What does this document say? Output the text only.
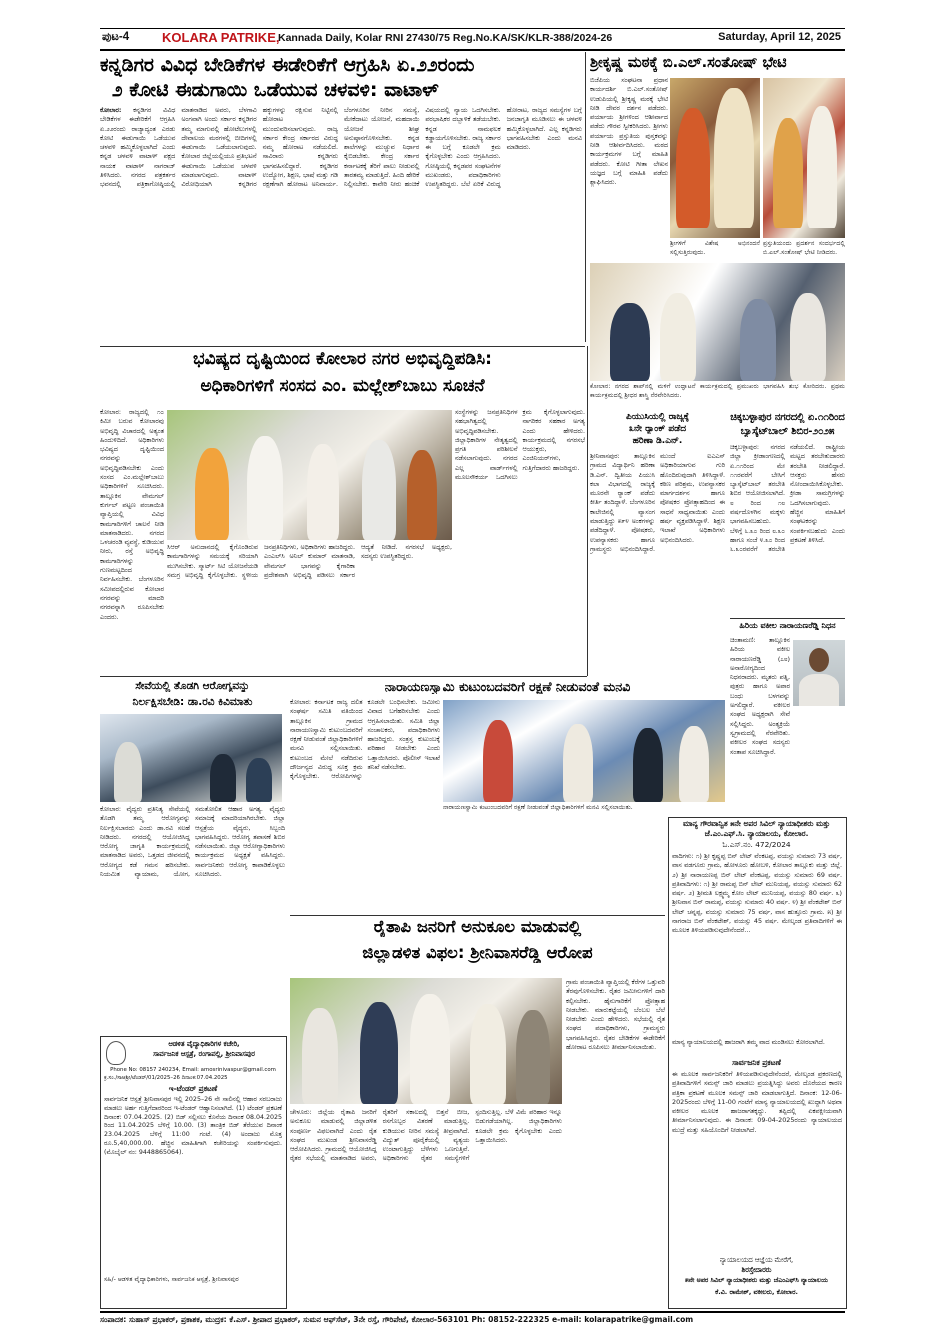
ಪುಟ-4	KOLARA PATRIKE,
Kannada Daily, Kolar RNI 27430/75 Reg.No.KA/SK/KLR-388/2024-26	Saturday, April 12, 2025
ಕನ್ನಡಿಗರ ವಿವಿಧ ಬೇಡಿಕೆಗಳ ಈಡೇರಿಕೆಗೆ ಆಗ್ರಹಿಸಿ ಏ.೨೨ರಂದು
೨ ಕೋಟಿ ಈಡುಗಾಯಿ ಒಡೆಯುವ ಚಳವಳಿ: ವಾಟಾಳ್
ಕೋಲಾರ: ಕನ್ನಡಿಗರ ವಿವಿಧ ಬೇಡಿಕೆಗಳ ಈಡೇರಿಕೆಗೆ ಆಗ್ರಹಿಸಿ ಏ.೨೨ರಂದು ರಾಜ್ಯಾದ್ಯಂತ ಎರಡು ಕೋಟಿ ಈಡುಗಾಯಿ ಒಡೆಯುವ ಚಳವಳಿ ಹಮ್ಮಿಕೊಳ್ಳಲಾಗಿದೆ ಎಂದು ಕನ್ನಡ ಚಳವಳಿ ವಾಟಾಳ್ ಪಕ್ಷದ ನಾಯಕ ವಾಟಾಳ್ ನಾಗರಾಜ್ ತಿಳಿಸಿದರು. ನಗರದ ಪತ್ರಕರ್ತರ ಭವನದಲ್ಲಿ ಪತ್ರಿಕಾಗೋಷ್ಠಿಯಲ್ಲಿ ಮಾತನಾಡಿದ ಅವರು, ಬೆಳಗಾವಿ ಅಂಗವಾಗಿ ಅಂದು ಸರ್ಕಾರ ಕನ್ನಡಿಗರ ತಮ್ಮ ಮಾಗುವಲ್ಲಿ ಹೋಟೆಲುಗಳಲ್ಲಿ ದೇವಾಲಯ ಮಠಗಳಲ್ಲಿ ಬೀದಿಗಳಲ್ಲಿ ಈಡುಗಾಯಿ ಒಡೆಯಲಾಗುವುದು. ಕೋಲಾರ ಜಿಲ್ಲೆಯಲ್ಲಿಯೂ ಪ್ರತಿಭಟನೆ ಈಡುಗಾಯಿ ಒಡೆಯುವ ಚಳವಳಿ ಮಾಡಲಾಗುವುದು. ವಾಟಾಳ್ ವಿರೋಧಿಯಾಗಿ ಕನ್ನಡಿಗರ ಹಕ್ಕುಗಳನ್ನು ರಕ್ಷಿಸುವ ನಿಟ್ಟಿನಲ್ಲಿ ಹೋರಾಟ ಮುಂದುವರಿಸಲಾಗುವುದು. ರಾಜ್ಯ ಸರ್ಕಾರ ಕೇಂದ್ರ ಸರ್ಕಾರದ ವಿರುದ್ಧ ನಮ್ಮ ಹೋರಾಟ ನಡೆಯಲಿದೆ. ಸಾವಿರಾರು ಕನ್ನಡಿಗರು ಭಾಗವಹಿಸಲಿದ್ದಾರೆ. ಕನ್ನಡಿಗರ ಉದ್ಯೋಗ, ಶಿಕ್ಷಣ, ಭಾಷೆ ಮತ್ತು ಗಡಿ ರಕ್ಷಣೆಗಾಗಿ ಹೋರಾಟ ಅನಿವಾರ್ಯ. ಬೆಂಗಳೂರಿನ ನೀರಿನ ಸಮಸ್ಯೆ, ಮೇಕೆದಾಟು ಯೋಜನೆ, ಮಹದಾಯಿ ಯೋಜನೆ ಶೀಘ್ರ ಅನುಷ್ಠಾನಗೊಳಿಸಬೇಕು. ಕನ್ನಡ ಶಾಲೆಗಳನ್ನು ಮುಚ್ಚುವ ನಿರ್ಧಾರ ಕೈಬಿಡಬೇಕು. ಕೇಂದ್ರ ಸರ್ಕಾರ ಕರ್ನಾಟಕಕ್ಕೆ ತೆರಿಗೆ ಪಾಲು ನೀಡುವಲ್ಲಿ ತಾರತಮ್ಯ ಮಾಡುತ್ತಿದೆ. ಹಿಂದಿ ಹೇರಿಕೆ ನಿಲ್ಲಿಸಬೇಕು. ಕಾವೇರಿ ನೀರು ಹಂಚಿಕೆ ವಿಷಯದಲ್ಲಿ ನ್ಯಾಯ ಒದಗಿಸಬೇಕು. ಪರಭಾಷಿಕರ ದಬ್ಬಾಳಿಕೆ ತಡೆಯಬೇಕು. ಕನ್ನಡ ನಾಮಫಲಕ ಕಡ್ಡಾಯಗೊಳಿಸಬೇಕು. ರಾಜ್ಯ ಸರ್ಕಾರ ಈ ಬಗ್ಗೆ ಕೂಡಲೇ ಕ್ರಮ ಕೈಗೊಳ್ಳಬೇಕು ಎಂದು ಆಗ್ರಹಿಸಿದರು. ಗೋಷ್ಠಿಯಲ್ಲಿ ಕನ್ನಡಪರ ಸಂಘಟನೆಗಳ ಮುಖಂಡರು, ಪದಾಧಿಕಾರಿಗಳು ಉಪಸ್ಥಿತರಿದ್ದರು. ಬೆಲೆ ಏರಿಕೆ ವಿರುದ್ಧ ಹೋರಾಟ, ರಾಜ್ಯದ ಸಮಸ್ಯೆಗಳ ಬಗ್ಗೆ ಜನಜಾಗೃತಿ ಮೂಡಿಸಲು ಈ ಚಳವಳಿ ಹಮ್ಮಿಕೊಳ್ಳಲಾಗಿದೆ. ಎಲ್ಲ ಕನ್ನಡಿಗರು ಭಾಗವಹಿಸಬೇಕು ಎಂದು ಮನವಿ ಮಾಡಿದರು.
ಶ್ರೀಕೃಷ್ಣ ಮಠಕ್ಕೆ ಬಿ.ಎಲ್.ಸಂತೋಷ್ ಭೇಟಿ
ಬಿಜೆಪಿಯ ಸಂಘಟನಾ ಪ್ರಧಾನ ಕಾರ್ಯದರ್ಶಿ ಬಿ.ಎಲ್.ಸಂತೋಷ್ ಉಡುಪಿಯಲ್ಲಿ ಶ್ರೀಕೃಷ್ಣ ಮಠಕ್ಕೆ ಭೇಟಿ ನೀಡಿ ದೇವರ ದರ್ಶನ ಪಡೆದರು. ಪರ್ಯಾಯ ಶ್ರೀಗಳಿಂದ ಆಶೀರ್ವಾದ ಪಡೆದು ಗೌರವ ಸ್ವೀಕರಿಸಿದರು. ಶ್ರೀಗಳು ಪರ್ಯಾಯ ಪ್ರಸ್ತುತಿಯ ಪುಸ್ತಕವನ್ನು ನೀಡಿ ಆಶೀರ್ವದಿಸಿದರು. ಮಠದ ಕಾರ್ಯಕ್ರಮಗಳ ಬಗ್ಗೆ ಮಾಹಿತಿ ಪಡೆದರು. ಕೋಟಿ ಗೀತಾ ಲೇಖನ ಯಜ್ಞದ ಬಗ್ಗೆ ಮಾಹಿತಿ ಪಡೆದು ಶ್ಲಾಘಿಸಿದರು.
ಶ್ರೀಗಳಿಗೆ ವಿಶೇಷ ಅಭಿನಂದನೆ ಸಲ್ಲಿಸುತ್ತಿರುವುದು.
ಪ್ರಸ್ತುತಿಯಂದು ಪ್ರದರ್ಶನ ಸಂದರ್ಭದಲ್ಲಿ ಬಿ.ಎಲ್.ಸಂತೋಷ್ ಭೇಟಿ ನೀಡಿದರು.
ಕೋಲಾರ: ನಗರದ ಶಾಪ್‌ನಲ್ಲಿ ಮಳಿಗೆ ಉದ್ಘಾಟನೆ ಕಾರ್ಯಕ್ರಮದಲ್ಲಿ ಪ್ರಮುಖರು ಭಾಗವಹಿಸಿ ಶುಭ ಕೋರಿದರು. ಪ್ರಥಮ ಕಾರ್ಯಕ್ರಮದಲ್ಲಿ ಶ್ರೀಧರ ಶಾಸ್ತ್ರಿ ನೆರವೇರಿಸಿದರು.
ಭವಿಷ್ಯದ ದೃಷ್ಟಿಯಿಂದ ಕೋಲಾರ ನಗರ ಅಭಿವೃದ್ಧಿಪಡಿಸಿ:
ಅಧಿಕಾರಿಗಳಿಗೆ ಸಂಸದ ಎಂ. ಮಲ್ಲೇಶ್‌ಬಾಬು ಸೂಚನೆ
ಕೋಲಾರ: ರಾಜ್ಯದಲ್ಲಿ ೧೦ ಕಿಮೀ ಬರುವ ಕೋಲಾರವು ಅಭಿವೃದ್ಧಿ ವಿಚಾರದಲ್ಲಿ ಅತ್ಯಂತ ಹಿಂದುಳಿದಿದೆ. ಅಧಿಕಾರಿಗಳು ಭವಿಷ್ಯದ ದೃಷ್ಟಿಯಿಂದ ನಗರವನ್ನು ಅಭಿವೃದ್ಧಿಪಡಿಸಬೇಕು ಎಂದು ಸಂಸದ ಎಂ.ಮಲ್ಲೇಶ್‌ಬಾಬು ಅಧಿಕಾರಿಗಳಿಗೆ ಸೂಚಿಸಿದರು. ತಾಲ್ಲೂಕಿನ ವೇಮಗಲ್ ಕುರ್ಗಲ್ ಪಟ್ಟಣ ಪಂಚಾಯಿತಿ ವ್ಯಾಪ್ತಿಯಲ್ಲಿ ವಿವಿಧ ಕಾಮಗಾರಿಗಳಿಗೆ ಚಾಲನೆ ನೀಡಿ ಮಾತನಾಡಿದರು. ನಗರದ ಒಳಚರಂಡಿ ವ್ಯವಸ್ಥೆ, ಕುಡಿಯುವ ನೀರು, ರಸ್ತೆ ಅಭಿವೃದ್ಧಿ ಕಾಮಗಾರಿಗಳನ್ನು ಗುಣಮಟ್ಟದಿಂದ ನಿರ್ವಹಿಸಬೇಕು. ಬೆಂಗಳೂರಿನ ಸಮೀಪದಲ್ಲಿರುವ ಕೋಲಾರ ನಗರವನ್ನು ಮಾದರಿ ನಗರವನ್ನಾಗಿ ರೂಪಿಸಬೇಕು ಎಂದರು.
ಸಿಆರ್ ಅನುದಾನದಲ್ಲಿ ಕೈಗೊಂಡಿರುವ ಕಾಮಗಾರಿಗಳನ್ನು ಸಮಯಕ್ಕೆ ಸರಿಯಾಗಿ ಮುಗಿಸಬೇಕು. ಸ್ಮಾರ್ಟ್ ಸಿಟಿ ಯೋಜನೆಯಡಿ ಸಮಗ್ರ ಅಭಿವೃದ್ಧಿ ಕೈಗೊಳ್ಳಬೇಕು. ಸ್ಥಳೀಯ ಜನಪ್ರತಿನಿಧಿಗಳು, ಅಧಿಕಾರಿಗಳು ಹಾಜರಿದ್ದರು. ಎಂಎಲ್‌ಸಿ ಅನಿಲ್ ಕುಮಾರ್ ಮಾತನಾಡಿ, ವೇಮಗಲ್ ಭಾಗವನ್ನು ಕೈಗಾರಿಕಾ ಪ್ರದೇಶವಾಗಿ ಅಭಿವೃದ್ಧಿ ಪಡಿಸಲು ಸರ್ಕಾರ ಆದ್ಯತೆ ನೀಡಿದೆ. ನಗರಸಭೆ ಅಧ್ಯಕ್ಷರು, ಸದಸ್ಯರು ಉಪಸ್ಥಿತರಿದ್ದರು.
ಸಂಸ್ಥೆಗಳನ್ನು ಜನಪ್ರತಿನಿಧಿಗಳ ಸಹಭಾಗಿತ್ವದಲ್ಲಿ ಅಭಿವೃದ್ಧಿಪಡಿಸಬೇಕು. ಜಿಲ್ಲಾಧಿಕಾರಿಗಳ ನೇತೃತ್ವದಲ್ಲಿ ಪ್ರಗತಿ ಪರಿಶೀಲನೆ ನಡೆಸಲಾಗುವುದು. ನಗರದ ಎಲ್ಲ ವಾರ್ಡ್‌ಗಳಲ್ಲಿ ಮೂಲಸೌಕರ್ಯ ಒದಗಿಸಲು ಕ್ರಮ ಕೈಗೊಳ್ಳಲಾಗುವುದು. ನಾಗರಿಕರ ಸಹಕಾರ ಅಗತ್ಯ ಎಂದು ಹೇಳಿದರು. ಕಾರ್ಯಕ್ರಮದಲ್ಲಿ ನಗರಸಭೆ ಆಯುಕ್ತರು, ಎಂಜಿನಿಯರ್‌ಗಳು, ಗುತ್ತಿಗೆದಾರರು ಹಾಜರಿದ್ದರು.
ಪಿಯುಸಿಯಲ್ಲಿ ರಾಜ್ಯಕ್ಕೆ
೩ನೇ ರ್‍ಯಾಂಕ್ ಪಡೆದ
ಹರಿಣಾ ಡಿ.ಎನ್.
ಶ್ರೀನಿವಾಸಪುರ: ತಾಲ್ಲೂಕಿನ ಗ್ರಾಮದ ವಿದ್ಯಾರ್ಥಿನಿ ಹರಿಣಾ ಡಿ.ಎನ್. ದ್ವಿತೀಯ ಪಿಯುಸಿ ಕಲಾ ವಿಭಾಗದಲ್ಲಿ ರಾಜ್ಯಕ್ಕೆ ಮೂರನೇ ರ್‍ಯಾಂಕ್ ಪಡೆದು ಕೀರ್ತಿ ತಂದಿದ್ದಾಳೆ. ಬೆಂಗಳೂರಿನ ಕಾಲೇಜಿನಲ್ಲಿ ವ್ಯಾಸಂಗ ಮಾಡುತ್ತಿದ್ದು ೫೯೪ ಅಂಕಗಳನ್ನು ಪಡೆದಿದ್ದಾಳೆ. ಪೋಷಕರು, ಉಪನ್ಯಾಸಕರು ಹಾಗೂ ಗ್ರಾಮಸ್ಥರು ಅಭಿನಂದಿಸಿದ್ದಾರೆ. ಮುಂದೆ ಐಎಎಸ್ ಅಧಿಕಾರಿಯಾಗುವ ಗುರಿ ಹೊಂದಿರುವುದಾಗಿ ತಿಳಿಸಿದ್ದಾಳೆ. ಕಠಿಣ ಪರಿಶ್ರಮ, ಉಪನ್ಯಾಸಕರ ಮಾರ್ಗದರ್ಶನ ಹಾಗೂ ಪೋಷಕರ ಪ್ರೋತ್ಸಾಹದಿಂದ ಈ ಸಾಧನೆ ಸಾಧ್ಯವಾಯಿತು ಎಂದು ಹರ್ಷ ವ್ಯಕ್ತಪಡಿಸಿದ್ದಾಳೆ. ಶಿಕ್ಷಣ ಇಲಾಖೆ ಅಧಿಕಾರಿಗಳು ಅಭಿನಂದಿಸಿದರು.
ಚಿಕ್ಕಬಳ್ಳಾಪುರ ನಗರದಲ್ಲಿ ಏ.೧೧ರಿಂದ
ಬ್ಯಾಸ್ಕೆಟ್‌ಬಾಲ್ ಶಿಬಿರ-೨೦೨೫
ಚಿಕ್ಕಬಳ್ಳಾಪುರ: ನಗರದ ಜಿಲ್ಲಾ ಕ್ರೀಡಾಂಗಣದಲ್ಲಿ ಏ.೧೧ರಿಂದ ಮೇ ೧೧ರವರೆಗೆ ಬೇಸಿಗೆ ಬ್ಯಾಸ್ಕೆಟ್‌ಬಾಲ್ ತರಬೇತಿ ಶಿಬಿರ ಆಯೋಜಿಸಲಾಗಿದೆ. ೮ ರಿಂದ ೧೮ ವರ್ಷದೊಳಗಿನ ಮಕ್ಕಳು ಭಾಗವಹಿಸಬಹುದು. ಬೆಳಿಗ್ಗೆ ೬.೩೦ ರಿಂದ ೮.೩೦ ಹಾಗೂ ಸಂಜೆ ೪.೩೦ ರಿಂದ ೬.೩೦ರವರೆಗೆ ತರಬೇತಿ ನಡೆಯಲಿದೆ. ರಾಷ್ಟ್ರೀಯ ಮಟ್ಟದ ತರಬೇತುದಾರರು ತರಬೇತಿ ನೀಡಲಿದ್ದಾರೆ. ಆಸಕ್ತರು ಹೆಸರು ನೋಂದಾಯಿಸಿಕೊಳ್ಳಬೇಕು. ಕ್ರೀಡಾ ಸಾಮಗ್ರಿಗಳನ್ನು ಒದಗಿಸಲಾಗುವುದು. ಹೆಚ್ಚಿನ ಮಾಹಿತಿಗೆ ಸಂಘಟಕರನ್ನು ಸಂಪರ್ಕಿಸಬಹುದು ಎಂದು ಪ್ರಕಟಣೆ ತಿಳಿಸಿದೆ.
ಹಿರಿಯ ವಕೀಲ ನಾರಾಯಣರೆಡ್ಡಿ ನಿಧನ
ಚಿಂತಾಮಣಿ: ತಾಲ್ಲೂಕಿನ ಹಿರಿಯ ವಕೀಲ ನಾರಾಯಣರೆಡ್ಡಿ (೭೮) ಅನಾರೋಗ್ಯದಿಂದ ನಿಧನರಾದರು. ಮೃತರು ಪತ್ನಿ, ಪುತ್ರರು ಹಾಗೂ ಅಪಾರ ಬಂಧು ಬಳಗವನ್ನು ಅಗಲಿದ್ದಾರೆ. ವಕೀಲರ ಸಂಘದ ಅಧ್ಯಕ್ಷರಾಗಿ ಸೇವೆ ಸಲ್ಲಿಸಿದ್ದರು. ಅಂತ್ಯಕ್ರಿಯೆ ಸ್ವಗ್ರಾಮದಲ್ಲಿ ನೆರವೇರಿತು. ವಕೀಲರ ಸಂಘದ ಸದಸ್ಯರು ಸಂತಾಪ ಸೂಚಿಸಿದ್ದಾರೆ.
ಸೇವೆಯಲ್ಲಿ ತೊಡಗಿ ಆರೋಗ್ಯವನ್ನು
ನಿರ್ಲಕ್ಷಿಸಬೇಡಿ: ಡಾ.ರವಿ ಕಿವಿಮಾತು
ಕೋಲಾರ: ವೈದ್ಯರು ಪ್ರತಿನಿತ್ಯ ಸೇವೆಯಲ್ಲಿ ತೊಡಗಿ ತಮ್ಮ ಆರೋಗ್ಯವನ್ನು ನಿರ್ಲಕ್ಷಿಸಬಾರದು ಎಂದು ಡಾ.ರವಿ ಸಲಹೆ ನೀಡಿದರು. ನಗರದಲ್ಲಿ ಆಯೋಜಿಸಿದ್ದ ಆರೋಗ್ಯ ಜಾಗೃತಿ ಕಾರ್ಯಕ್ರಮದಲ್ಲಿ ಮಾತನಾಡಿದ ಅವರು, ಒತ್ತಡದ ಜೀವನದಲ್ಲಿ ಆರೋಗ್ಯದ ಕಡೆ ಗಮನ ಹರಿಸಬೇಕು. ನಿಯಮಿತ ವ್ಯಾಯಾಮ, ಯೋಗ, ಸಮತೋಲಿತ ಆಹಾರ ಅಗತ್ಯ. ವೈದ್ಯರು ಸಮಾಜಕ್ಕೆ ಮಾದರಿಯಾಗಿರಬೇಕು. ಜಿಲ್ಲಾ ಆಸ್ಪತ್ರೆಯ ವೈದ್ಯರು, ಸಿಬ್ಬಂದಿ ಭಾಗವಹಿಸಿದ್ದರು. ಆರೋಗ್ಯ ತಪಾಸಣೆ ಶಿಬಿರ ನಡೆಸಲಾಯಿತು. ಜಿಲ್ಲಾ ಆರೋಗ್ಯಾಧಿಕಾರಿಗಳು ಕಾರ್ಯಕ್ರಮದ ಅಧ್ಯಕ್ಷತೆ ವಹಿಸಿದ್ದರು. ಸಾರ್ವಜನಿಕರು ಆರೋಗ್ಯ ಕಾಪಾಡಿಕೊಳ್ಳಲು ಸೂಚಿಸಿದರು.
ನಾರಾಯಣಸ್ವಾಮಿ ಕುಟುಂಬದವರಿಗೆ ರಕ್ಷಣೆ ನೀಡುವಂತೆ ಮನವಿ
ಕೋಲಾರ: ಕರ್ನಾಟಕ ರಾಜ್ಯ ದಲಿತ ಸಂಘರ್ಷ ಸಮಿತಿ ವತಿಯಿಂದ ತಾಲ್ಲೂಕಿನ ಗ್ರಾಮದ ನಾರಾಯಣಸ್ವಾಮಿ ಕುಟುಂಬದವರಿಗೆ ರಕ್ಷಣೆ ನೀಡುವಂತೆ ಜಿಲ್ಲಾಧಿಕಾರಿಗಳಿಗೆ ಮನವಿ ಸಲ್ಲಿಸಲಾಯಿತು. ಕುಟುಂಬದ ಮೇಲೆ ನಡೆದಿರುವ ದೌರ್ಜನ್ಯದ ವಿರುದ್ಧ ಸೂಕ್ತ ಕ್ರಮ ಕೈಗೊಳ್ಳಬೇಕು. ಆರೋಪಿಗಳನ್ನು ಕೂಡಲೇ ಬಂಧಿಸಬೇಕು. ಜಮೀನು ವಿವಾದ ಬಗೆಹರಿಸಬೇಕು ಎಂದು ಆಗ್ರಹಿಸಲಾಯಿತು. ಸಮಿತಿ ಜಿಲ್ಲಾ ಸಂಚಾಲಕರು, ಪದಾಧಿಕಾರಿಗಳು ಹಾಜರಿದ್ದರು. ಸಂತ್ರಸ್ತ ಕುಟುಂಬಕ್ಕೆ ಪರಿಹಾರ ನೀಡಬೇಕು ಎಂದು ಒತ್ತಾಯಿಸಿದರು. ಪೊಲೀಸ್ ಇಲಾಖೆ ತನಿಖೆ ನಡೆಸಬೇಕು.
ನಾರಾಯಣಸ್ವಾಮಿ ಕುಟುಂಬದವರಿಗೆ ರಕ್ಷಣೆ ನೀಡುವಂತೆ ಜಿಲ್ಲಾಧಿಕಾರಿಗಳಿಗೆ ಮನವಿ ಸಲ್ಲಿಸಲಾಯಿತು.
ಮಾನ್ಯ ಗೌರವಾನ್ವಿತ ೫ನೇ ಅಪರ ಸಿವಿಲ್ ನ್ಯಾಯಾಧೀಶರು ಮತ್ತು ಜೆ.ಎಂ.ಎಫ್.ಸಿ. ನ್ಯಾಯಾಲಯ, ಕೋಲಾರ.
ಓ.ಎಸ್.ನಂ. 472/2024
ವಾದಿಗಳು: ೧) ಶ್ರೀ ಕೃಷ್ಣಪ್ಪ ಬಿನ್ ಲೇಟ್ ವೆಂಕಟಪ್ಪ, ವಯಸ್ಸು ಸುಮಾರು 73 ವರ್ಷ, ವಾಸ ವಡಗೂರು ಗ್ರಾಮ, ಹೋಳೂರು ಹೋಬಳಿ, ಕೋಲಾರ ತಾಲ್ಲೂಕು ಮತ್ತು ಜಿಲ್ಲೆ. ೨) ಶ್ರೀ ನಾರಾಯಣಪ್ಪ ಬಿನ್ ಲೇಟ್ ವೆಂಕಟಪ್ಪ, ವಯಸ್ಸು ಸುಮಾರು 69 ವರ್ಷ. ಪ್ರತಿವಾದಿಗಳು: ೧) ಶ್ರೀ ರಾಮಪ್ಪ ಬಿನ್ ಲೇಟ್ ಮುನಿಯಪ್ಪ, ವಯಸ್ಸು ಸುಮಾರು 62 ವರ್ಷ. ೨) ಶ್ರೀಮತಿ ಲಕ್ಷ್ಮಮ್ಮ ಕೋಂ ಲೇಟ್ ಮುನಿಯಪ್ಪ, ವಯಸ್ಸು 80 ವರ್ಷ. ೩) ಶ್ರೀನಿವಾಸ ಬಿನ್ ರಾಮಪ್ಪ, ವಯಸ್ಸು ಸುಮಾರು 40 ವರ್ಷ. ೪) ಶ್ರೀ ವೆಂಕಟೇಶ್ ಬಿನ್ ಲೇಟ್ ಚನ್ನಪ್ಪ, ವಯಸ್ಸು ಸುಮಾರು 75 ವರ್ಷ, ವಾಸ ಹುತ್ತೂರು ಗ್ರಾಮ. ೫) ಶ್ರೀ ನಾಗರಾಜ ಬಿನ್ ವೆಂಕಟೇಶ್, ವಯಸ್ಸು 45 ವರ್ಷ. ಮೇಲ್ಕಂಡ ಪ್ರತಿವಾದಿಗಳಿಗೆ ಈ ಮೂಲಕ ತಿಳಿಯಪಡಿಸುವುದೇನೆಂದರೆ...
ಮಾನ್ಯ ನ್ಯಾಯಾಲಯದಲ್ಲಿ ಹಾಜರಾಗಿ ತಮ್ಮ ವಾದ ಮಂಡಿಸಲು ಕೋರಲಾಗಿದೆ.
ಸಾರ್ವಜನಿಕ ಪ್ರಕಟಣೆ
ಈ ಮೂಲಕ ಸಾರ್ವಜನಿಕರಿಗೆ ತಿಳಿಯಪಡಿಸುವುದೇನೆಂದರೆ, ಮೇಲ್ಕಂಡ ಪ್ರಕರಣದಲ್ಲಿ ಪ್ರತಿವಾದಿಗಳಿಗೆ ಸಮನ್ಸ್ ಜಾರಿ ಮಾಡಲು ಪ್ರಯತ್ನಿಸಿದ್ದು ಅವರು ದೊರೆಯದ ಕಾರಣ ಪತ್ರಿಕಾ ಪ್ರಕಟಣೆ ಮೂಲಕ ಸಮನ್ಸ್ ಜಾರಿ ಮಾಡಲಾಗುತ್ತಿದೆ. ದಿನಾಂಕ: 12-06-2025ರಂದು ಬೆಳಿಗ್ಗೆ 11-00 ಗಂಟೆಗೆ ಮಾನ್ಯ ನ್ಯಾಯಾಲಯದಲ್ಲಿ ಖುದ್ದಾಗಿ ಅಥವಾ ವಕೀಲರ ಮೂಲಕ ಹಾಜರಾಗತಕ್ಕದ್ದು. ತಪ್ಪಿದಲ್ಲಿ ಏಕಪಕ್ಷೀಯವಾಗಿ ತೀರ್ಮಾನಿಸಲಾಗುವುದು. ಈ ದಿನಾಂಕ: 09-04-2025ರಂದು ನ್ಯಾಯಾಲಯದ ಮುದ್ರೆ ಮತ್ತು ಸಹಿಯೊಂದಿಗೆ ನೀಡಲಾಗಿದೆ.
ನ್ಯಾಯಾಲಯದ ಆಜ್ಞೆಯ ಮೇರೆಗೆ,
ಶಿರಸ್ತೇದಾರರು
೫ನೇ ಅಪರ ಸಿವಿಲ್ ನ್ಯಾಯಾಧೀಶರು ಮತ್ತು ಜೆಎಂಎಫ್‌ಸಿ ನ್ಯಾಯಾಲಯ
ಕೆ.ವಿ. ರಾಮೇಶ್, ವಕೀಲರು, ಕೋಲಾರ.
ರೈತಾಪಿ ಜನರಿಗೆ ಅನುಕೂಲ ಮಾಡುವಲ್ಲಿ
ಜಿಲ್ಲಾಡಳಿತ ವಿಫಲ: ಶ್ರೀನಿವಾಸರೆಡ್ಡಿ ಆರೋಪ
ಗ್ರಾಮ ಪಂಚಾಯಿತಿ ವ್ಯಾಪ್ತಿಯಲ್ಲಿ ಕೆರೆಗಳ ಒತ್ತುವರಿ ತೆರವುಗೊಳಿಸಬೇಕು. ರೈತರ ಜಮೀನುಗಳಿಗೆ ದಾರಿ ಕಲ್ಪಿಸಬೇಕು. ಹೈನುಗಾರಿಕೆಗೆ ಪ್ರೋತ್ಸಾಹ ನೀಡಬೇಕು. ಮಾರುಕಟ್ಟೆಯಲ್ಲಿ ಬೆಂಬಲ ಬೆಲೆ ನೀಡಬೇಕು ಎಂದು ಹೇಳಿದರು. ಸಭೆಯಲ್ಲಿ ರೈತ ಸಂಘದ ಪದಾಧಿಕಾರಿಗಳು, ಗ್ರಾಮಸ್ಥರು ಭಾಗವಹಿಸಿದ್ದರು. ರೈತರ ಬೇಡಿಕೆಗಳ ಈಡೇರಿಕೆಗೆ ಹೋರಾಟ ರೂಪಿಸಲು ತೀರ್ಮಾನಿಸಲಾಯಿತು.
ಚೇಳೂರು: ಜಿಲ್ಲೆಯ ರೈತಾಪಿ ಜನರಿಗೆ ಅನುಕೂಲ ಮಾಡುವಲ್ಲಿ ಜಿಲ್ಲಾಡಳಿತ ಸಂಪೂರ್ಣ ವಿಫಲವಾಗಿದೆ ಎಂದು ರೈತ ಸಂಘದ ಮುಖಂಡ ಶ್ರೀನಿವಾಸರೆಡ್ಡಿ ಆರೋಪಿಸಿದರು. ಗ್ರಾಮದಲ್ಲಿ ಆಯೋಜಿಸಿದ್ದ ರೈತರ ಸಭೆಯಲ್ಲಿ ಮಾತನಾಡಿದ ಅವರು, ರೈತರಿಗೆ ಸಕಾಲದಲ್ಲಿ ಬಿತ್ತನೆ ಬೀಜ, ರಸಗೊಬ್ಬರ ವಿತರಣೆ ಮಾಡುತ್ತಿಲ್ಲ. ಕುಡಿಯುವ ನೀರಿನ ಸಮಸ್ಯೆ ತೀವ್ರವಾಗಿದೆ. ವಿದ್ಯುತ್ ಪೂರೈಕೆಯಲ್ಲಿ ವ್ಯತ್ಯಯ ಉಂಟಾಗುತ್ತಿದ್ದು ಬೆಳೆಗಳು ಒಣಗುತ್ತಿವೆ. ಅಧಿಕಾರಿಗಳು ರೈತರ ಸಮಸ್ಯೆಗಳಿಗೆ ಸ್ಪಂದಿಸುತ್ತಿಲ್ಲ. ಬೆಳೆ ವಿಮೆ ಪರಿಹಾರ ಇನ್ನೂ ಬಿಡುಗಡೆಯಾಗಿಲ್ಲ. ಜಿಲ್ಲಾಧಿಕಾರಿಗಳು ಕೂಡಲೇ ಕ್ರಮ ಕೈಗೊಳ್ಳಬೇಕು ಎಂದು ಒತ್ತಾಯಿಸಿದರು.
ಆಡಳಿತ ವೈದ್ಯಾಧಿಕಾರಿಗಳ ಕಚೇರಿ,
ಸಾರ್ವಜನಿಕ ಆಸ್ಪತ್ರೆ, ರಂಗಾಪಲ್ಲಿ, ಶ್ರೀನಿವಾಸಪುರ
Phone No: 08157 240234, Email: amosrinivaspur@gmail.com
ಕ್ರ.ಸಂ./ಸಾಆಶ್ರೀ/ಟೆಂಡರ್/01/2025–26 ದಿನಾಂಕ:07.04.2025
ಇ-ಟೆಂಡರ್ ಪ್ರಕಟಣೆ
ಸಾರ್ವಜನಿಕ ಆಸ್ಪತ್ರೆ ಶ್ರೀನಿವಾಸಪುರ ಇಲ್ಲಿ 2025–26 ನೇ ಸಾಲಿನಲ್ಲಿ ಆಹಾರ ಸರಬರಾಜು ಮಾಡಲು ಅರ್ಹ ಗುತ್ತಿಗೆದಾರರಿಂದ ಇ-ಟೆಂಡರ್ ಆಹ್ವಾನಿಸಲಾಗಿದೆ. (1) ಟೆಂಡರ್ ಪ್ರಕಟಣೆ ದಿನಾಂಕ: 07.04.2025. (2) ಬಿಡ್ ಸಲ್ಲಿಸಲು ಕೊನೆಯ ದಿನಾಂಕ 08.04.2025 ರಿಂದ 11.04.2025 ಬೆಳಿಗ್ಗೆ 10.00. (3) ತಾಂತ್ರಿಕ ಬಿಡ್ ತೆರೆಯುವ ದಿನಾಂಕ 23.04.2025 ಬೆಳಿಗ್ಗೆ 11:00 ಗಂಟೆ. (4) ಅಂದಾಜು ಮೊತ್ತ ರೂ.5,40,000.00. ಹೆಚ್ಚಿನ ಮಾಹಿತಿಗಾಗಿ ಕಚೇರಿಯನ್ನು ಸಂಪರ್ಕಿಸುವುದು. (ಮೊಬೈಲ್ ನಂ: 9448865064).
ಸಹಿ/- ಆಡಳಿತ ವೈದ್ಯಾಧಿಕಾರಿಗಳು, ಸಾರ್ವಜನಿಕ ಆಸ್ಪತ್ರೆ, ಶ್ರೀನಿವಾಸಪುರ
ಸಂಪಾದಕ: ಸುಹಾಸ್ ಪ್ರಭಾಕರ್, ಪ್ರಕಾಶಕ, ಮುದ್ರಕ: ಕೆ.ಎಸ್. ಶ್ರೀಪಾದ ಪ್ರಭಾಕರ್, ಸುಮನ ಆಫ್‌ಸೆಟ್, 3ನೇ ರಸ್ತೆ, ಗೌರಿಪೇಟೆ, ಕೋಲಾರ-563101 Ph: 08152-222325 e-mail: kolarapatrike@gmail.com
